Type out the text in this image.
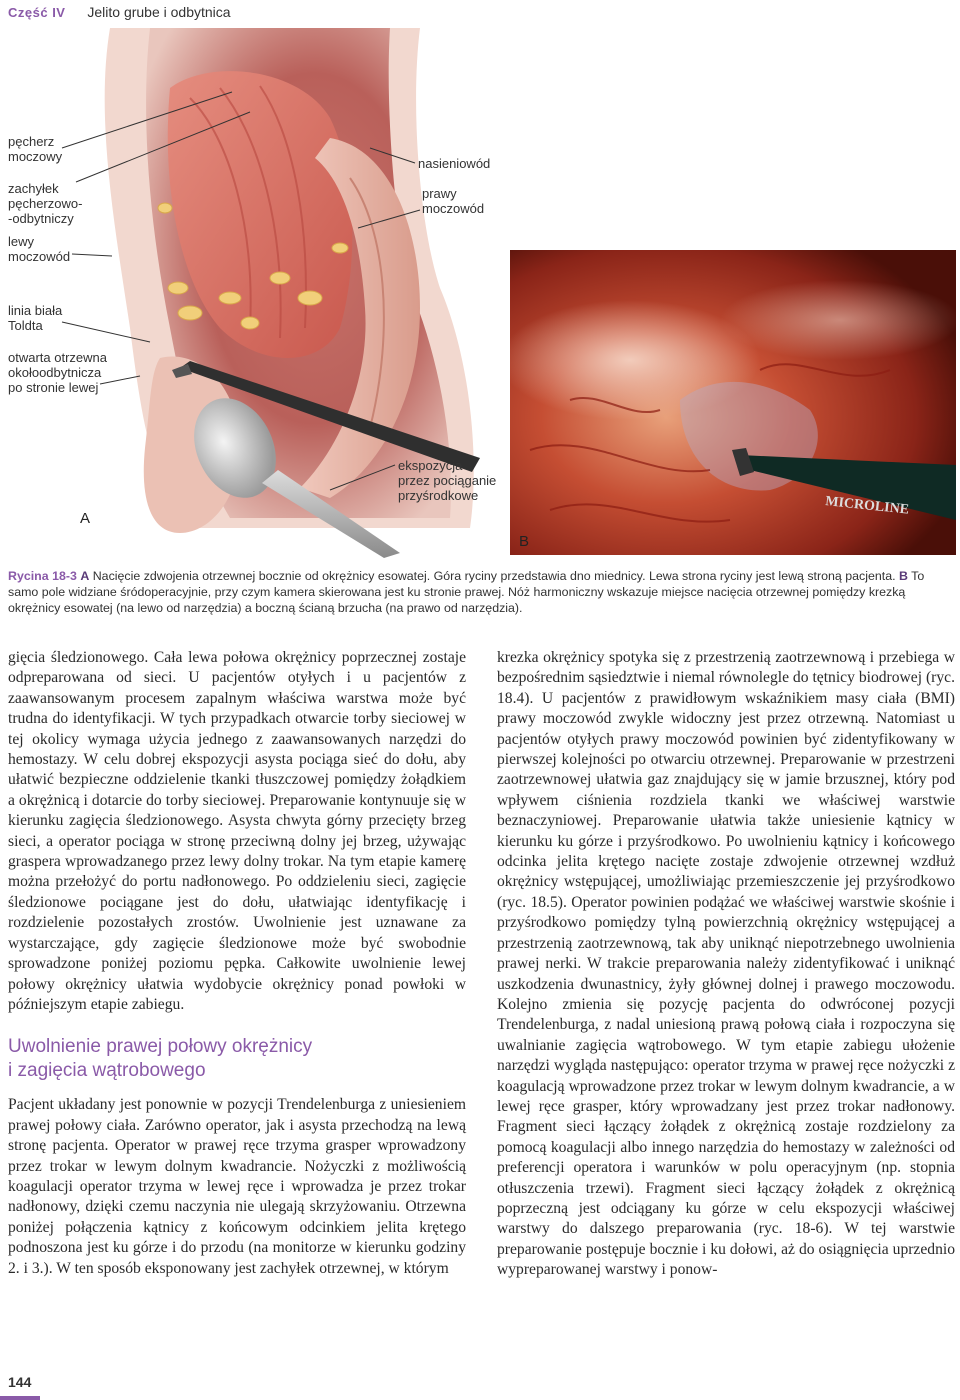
Część IV Jelito grube i odbytnica
pęcherz
moczowy
zachyłek
pęcherzowo-
-odbytniczy
lewy
moczowód
linia biała
Toldta
otwarta otrzewna
okołoodbytnicza
po stronie lewej
nasieniowód
prawy
moczowód
ekspozycja
przez pociąganie
przyśrodkowe
A
MICROLINE
B
Rycina 18-3 A Nacięcie zdwojenia otrzewnej bocznie od okrężnicy esowatej. Góra ryciny przedstawia dno miednicy. Lewa strona ryciny jest lewą stroną pacjenta. B To samo pole widziane śródoperacyjnie, przy czym kamera skierowana jest ku stronie prawej. Nóż harmoniczny wskazuje miejsce nacięcia otrzewnej pomiędzy krezką okrężnicy esowatej (na lewo od narzędzia) a boczną ścianą brzucha (na prawo od narzędzia).

gięcia śledzionowego. Cała lewa połowa okrężnicy poprzecznej zostaje odpreparowana od sieci. U pacjentów otyłych i u pacjentów z zaawansowanym procesem zapalnym właściwa warstwa może być trudna do identyfikacji. W tych przypadkach otwarcie torby sieciowej w tej okolicy wymaga użycia jednego z zaawansowanych narzędzi do hemostazy. W celu dobrej ekspozycji asysta pociąga sieć do dołu, aby ułatwić bezpieczne oddzielenie tkanki tłuszczowej pomiędzy żołądkiem a okrężnicą i dotarcie do torby sieciowej. Preparowanie kontynuuje się w kierunku zagięcia śledzionowego. Asysta chwyta górny przecięty brzeg sieci, a operator pociąga w stronę przeciwną dolny jej brzeg, używając graspera wprowadzanego przez lewy dolny trokar. Na tym etapie kamerę można przełożyć do portu nadłonowego. Po oddzieleniu sieci, zagięcie śledzionowe pociągane jest do dołu, ułatwiając identyfikację i rozdzielenie pozostałych zrostów. Uwolnienie jest uznawane za wystarczające, gdy zagięcie śledzionowe może być swobodnie sprowadzone poniżej poziomu pępka. Całkowite uwolnienie lewej połowy okrężnicy ułatwia wydobycie okrężnicy ponad powłoki w późniejszym etapie zabiegu.

Uwolnienie prawej połowy okrężnicy
i zagięcia wątrobowego

Pacjent układany jest ponownie w pozycji Trendelenburga z uniesieniem prawej połowy ciała. Zarówno operator, jak i asysta przechodzą na lewą stronę pacjenta. Operator w prawej ręce trzyma grasper wprowadzony przez trokar w lewym dolnym kwadrancie. Nożyczki z możliwością koagulacji operator trzyma w lewej ręce i wprowadza je przez trokar nadłonowy, dzięki czemu naczynia nie ulegają skrzyżowaniu. Otrzewna poniżej połączenia kątnicy z końcowym odcinkiem jelita krętego podnoszona jest ku górze i do przodu (na monitorze w kierunku godziny 2. i 3.). W ten sposób eksponowany jest zachyłek otrzewnej, w którym

krezka okrężnicy spotyka się z przestrzenią zaotrzewnową i przebiega w bezpośrednim sąsiedztwie i niemal równolegle do tętnicy biodrowej (ryc. 18.4). U pacjentów z prawidłowym wskaźnikiem masy ciała (BMI) prawy moczowód zwykle widoczny jest przez otrzewną. Natomiast u pacjentów otyłych prawy moczowód powinien być zidentyfikowany w pierwszej kolejności po otwarciu otrzewnej. Preparowanie w przestrzeni zaotrzewnowej ułatwia gaz znajdujący się w jamie brzusznej, który pod wpływem ciśnienia rozdziela tkanki we właściwej warstwie beznaczyniowej. Preparowanie ułatwia także uniesienie kątnicy w kierunku ku górze i przyśrodkowo. Po uwolnieniu kątnicy i końcowego odcinka jelita krętego nacięte zostaje zdwojenie otrzewnej wzdłuż okrężnicy wstępującej, umożliwiając przemieszczenie jej przyśrodkowo (ryc. 18.5). Operator powinien podążać we właściwej warstwie skośnie i przyśrodkowo pomiędzy tylną powierzchnią okrężnicy wstępującej a przestrzenią zaotrzewnową, tak aby uniknąć niepotrzebnego uwolnienia prawej nerki. W trakcie preparowania należy zidentyfikować i uniknąć uszkodzenia dwunastnicy, żyły głównej dolnej i prawego moczowodu. Kolejno zmienia się pozycję pacjenta do odwróconej pozycji Trendelenburga, z nadal uniesioną prawą połową ciała i rozpoczyna się uwalnianie zagięcia wątrobowego. W tym etapie zabiegu ułożenie narzędzi wygląda następująco: operator trzyma w prawej ręce nożyczki z koagulacją wprowadzone przez trokar w lewym dolnym kwadrancie, a w lewej ręce grasper, który wprowadzany jest przez trokar nadłonowy. Fragment sieci łączący żołądek z okrężnicą zostaje rozdzielony za pomocą koagulacji albo innego narzędzia do hemostazy w zależności od preferencji operatora i warunków w polu operacyjnym (np. stopnia otłuszczenia trzewi). Fragment sieci łączący żołądek z okrężnicą poprzeczną jest odciągany ku górze w celu ekspozycji właściwej warstwy do dalszego preparowania (ryc. 18-6). W tej warstwie preparowanie postępuje bocznie i ku dołowi, aż do osiągnięcia uprzednio wypreparowanej warstwy i ponow-

144
